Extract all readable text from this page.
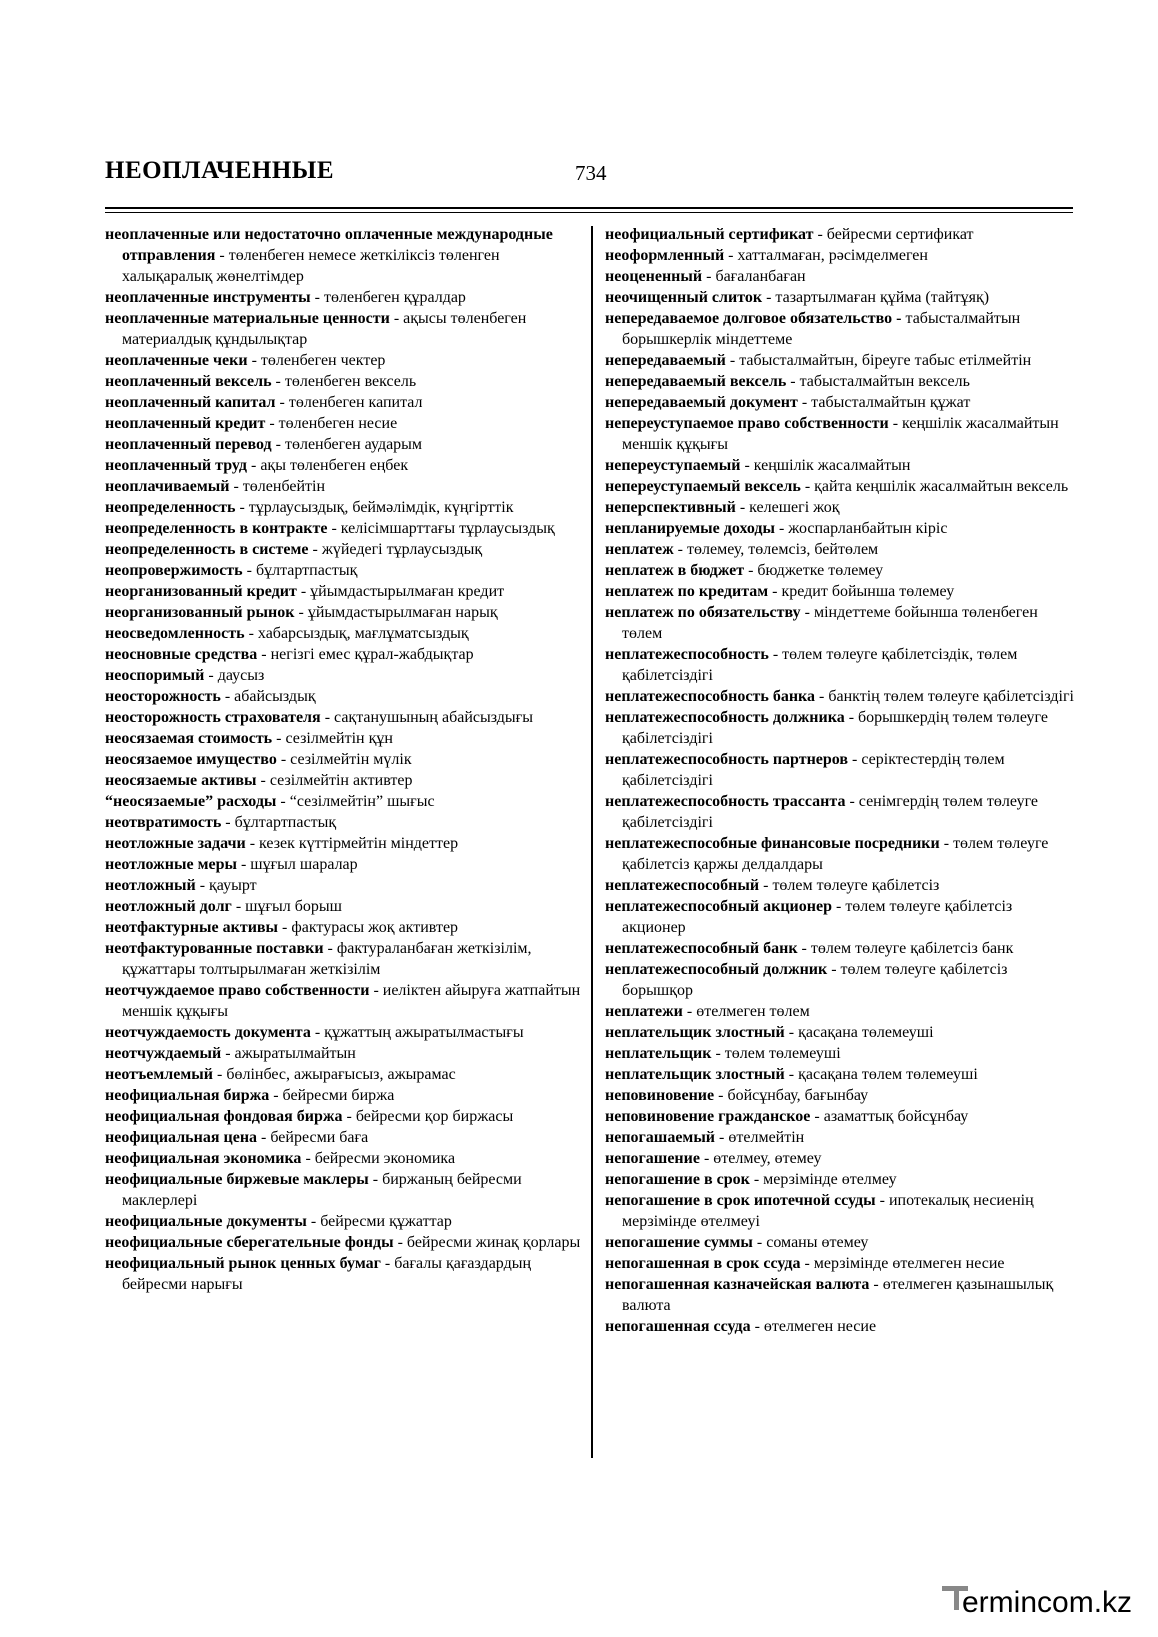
НЕОПЛАЧЕННЫЕ	734

неоплаченные или недостаточно оплаченные международные отправления - төленбеген немесе жеткіліксіз төленген халықаралық жөнелтімдер

неоплаченные инструменты - төленбеген құралдар

неоплаченные материальные ценности - ақысы төленбеген материалдық құндылықтар

неоплаченные чеки - төленбеген чектер

неоплаченный вексель - төленбеген вексель

неоплаченный капитал - төленбеген капитал

неоплаченный кредит - төленбеген несие

неоплаченный перевод - төленбеген аударым

неоплаченный труд - ақы төленбеген еңбек

неоплачиваемый - төленбейтін

неопределенность - тұрлаусыздық, беймәлімдік, күңгірттік

неопределенность в контракте - келісімшарттағы тұрлаусыздық

неопределенность в системе - жүйедегі тұрлаусыздық

неопровержимость - бұлтартпастық

неорганизованный кредит - ұйымдастырылмаған кредит

неорганизованный рынок - ұйымдастырылмаған нарық

неосведомленность - хабарсыздық, мағлұматсыздық

неосновные средства - негізгі емес құрал-жабдықтар

неоспоримый - даусыз

неосторожность - абайсыздық

неосторожность страхователя - сақтанушының абайсыздығы

неосязаемая стоимость - сезілмейтін құн

неосязаемое имущество - сезілмейтін мүлік

неосязаемые активы - сезілмейтін активтер

“неосязаемые” расходы - “сезілмейтін” шығыс

неотвратимость - бұлтартпастық

неотложные задачи - кезек күттірмейтін міндеттер

неотложные меры - шұғыл шаралар

неотложный - қауырт

неотложный долг - шұғыл борыш

неотфактурные активы - фактурасы жоқ активтер

неотфактурованные поставки - фактураланбаған жеткізілім, құжаттары толтырылмаған жеткізілім

неотчуждаемое право собственности - иеліктен айыруға жатпайтын меншік құқығы

неотчуждаемость документа - құжаттың ажыратылмастығы

неотчуждаемый - ажыратылмайтын

неотъемлемый - бөлінбес, ажырағысыз, ажырамас

неофициальная биржа - бейресми биржа

неофициальная фондовая биржа - бейресми қор биржасы

неофициальная цена - бейресми баға

неофициальная экономика - бейресми экономика

неофициальные биржевые маклеры - биржаның бейресми маклерлері

неофициальные документы - бейресми құжаттар

неофициальные сберегательные фонды - бейресми жинақ қорлары

неофициальный рынок ценных бумаг - бағалы қағаздардың бейресми нарығы

неофициальный сертификат - бейресми сертификат

неоформленный - хатталмаған, рәсімделмеген

неоцененный - бағаланбаған

неочищенный слиток - тазартылмаған құйма (тайтұяқ)

непередаваемое долговое обязательство - табысталмайтын борышкерлік міндеттеме

непередаваемый - табысталмайтын, біреуге табыс етілмейтін

непередаваемый вексель - табысталмайтын вексель

непередаваемый документ - табысталмайтын құжат

непереуступаемое право собственности - кеңшілік жасалмайтын меншік құқығы

непереуступаемый - кеңшілік жасалмайтын

непереуступаемый вексель - қайта кеңшілік жасалмайтын вексель

неперспективный - келешегі жоқ

непланируемые доходы - жоспарланбайтын кіріс

неплатеж - төлемеу, төлемсіз, бейтөлем

неплатеж в бюджет - бюджетке төлемеу

неплатеж по кредитам - кредит бойынша төлемеу

неплатеж по обязательству - міндеттеме бойынша төленбеген төлем

неплатежеспособность - төлем төлеуге қабілетсіздік, төлем қабілетсіздігі

неплатежеспособность банка - банктің төлем төлеуге қабілетсіздігі

неплатежеспособность должника - борышкердің төлем төлеуге қабілетсіздігі

неплатежеспособность партнеров - серіктестердің төлем қабілетсіздігі

неплатежеспособность трассанта - сенімгердің төлем төлеуге қабілетсіздігі

неплатежеспособные финансовые посредники - төлем төлеуге қабілетсіз қаржы делдалдары

неплатежеспособный - төлем төлеуге қабілетсіз

неплатежеспособный акционер - төлем төлеуге қабілетсіз акционер

неплатежеспособный банк - төлем төлеуге қабілетсіз банк

неплатежеспособный должник - төлем төлеуге қабілетсіз борышқор

неплатежи - өтелмеген төлем

неплательщик злостный - қасақана төлемеуші

неплательщик - төлем төлемеуші

неплательщик злостный - қасақана төлем төлемеуші

неповиновение - бойсұнбау, бағынбау

неповиновение гражданское - азаматтық бойсұнбау

непогашаемый - өтелмейтін

непогашение - өтелмеу, өтемеу

непогашение в срок - мерзімінде өтелмеу

непогашение в срок ипотечной ссуды - ипотекалық несиенің мерзімінде өтелмеуі

непогашение суммы - соманы өтемеу

непогашенная в срок ссуда - мерзімінде өтелмеген несие

непогашенная казначейская валюта - өтелмеген қазынашылық валюта

непогашенная ссуда - өтелмеген несие

ermincom.kz
